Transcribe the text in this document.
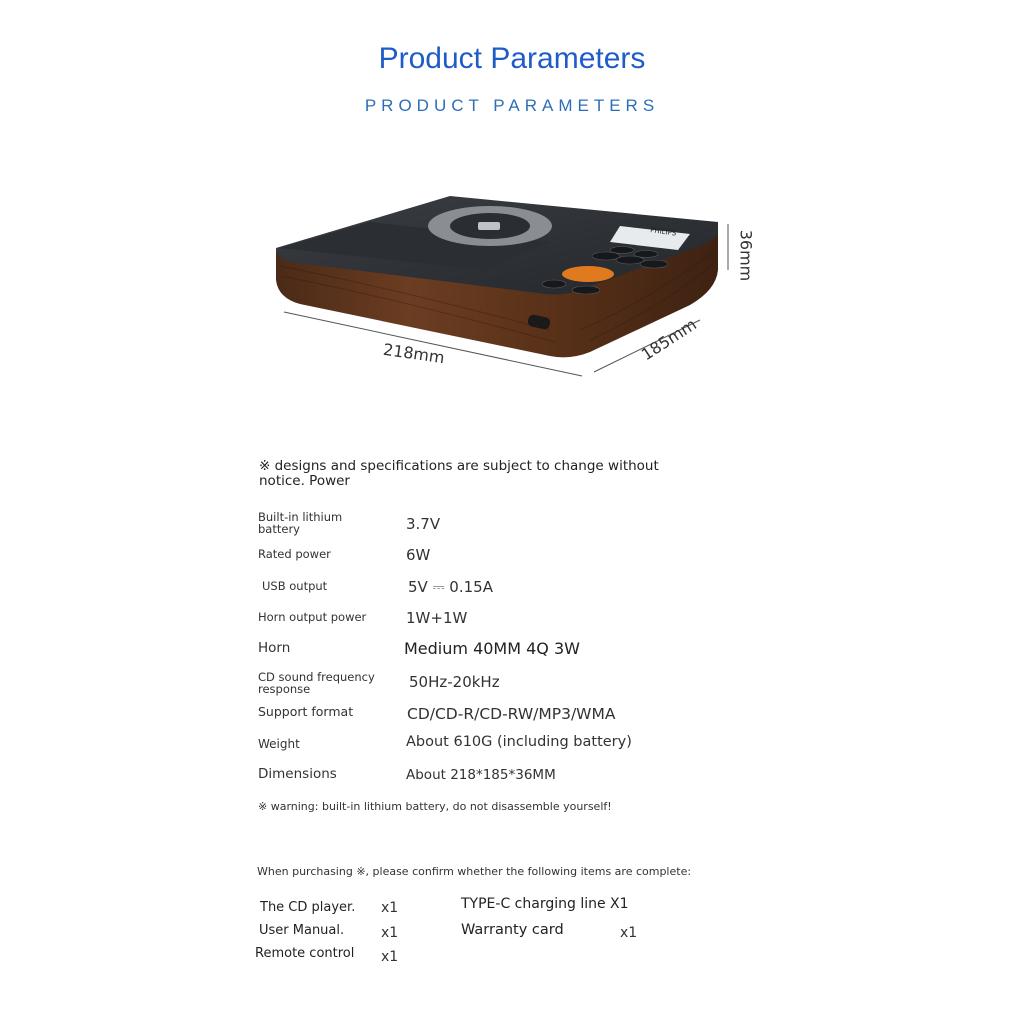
Product Parameters
PRODUCT PARAMETERS
PHILIPS
218mm	185mm
36mm
※ designs and specifications are subject to change without notice. Power
Built-in lithium battery	3.7V
Rated power	6W
USB output	5V ⎓ 0.15A
Horn output power	1W+1W
Horn	Medium 40MM 4Q 3W
CD sound frequency response	50Hz-20kHz
Support format	CD/CD-R/CD-RW/MP3/WMA
Weight	About 610G (including battery)
Dimensions	About 218*185*36MM
※ warning: built-in lithium battery, do not disassemble yourself!
When purchasing ※, please confirm whether the following items are complete:
The CD player. x1
User Manual.	x1
Remote control x1
TYPE-C charging line X1
Warranty card	x1
